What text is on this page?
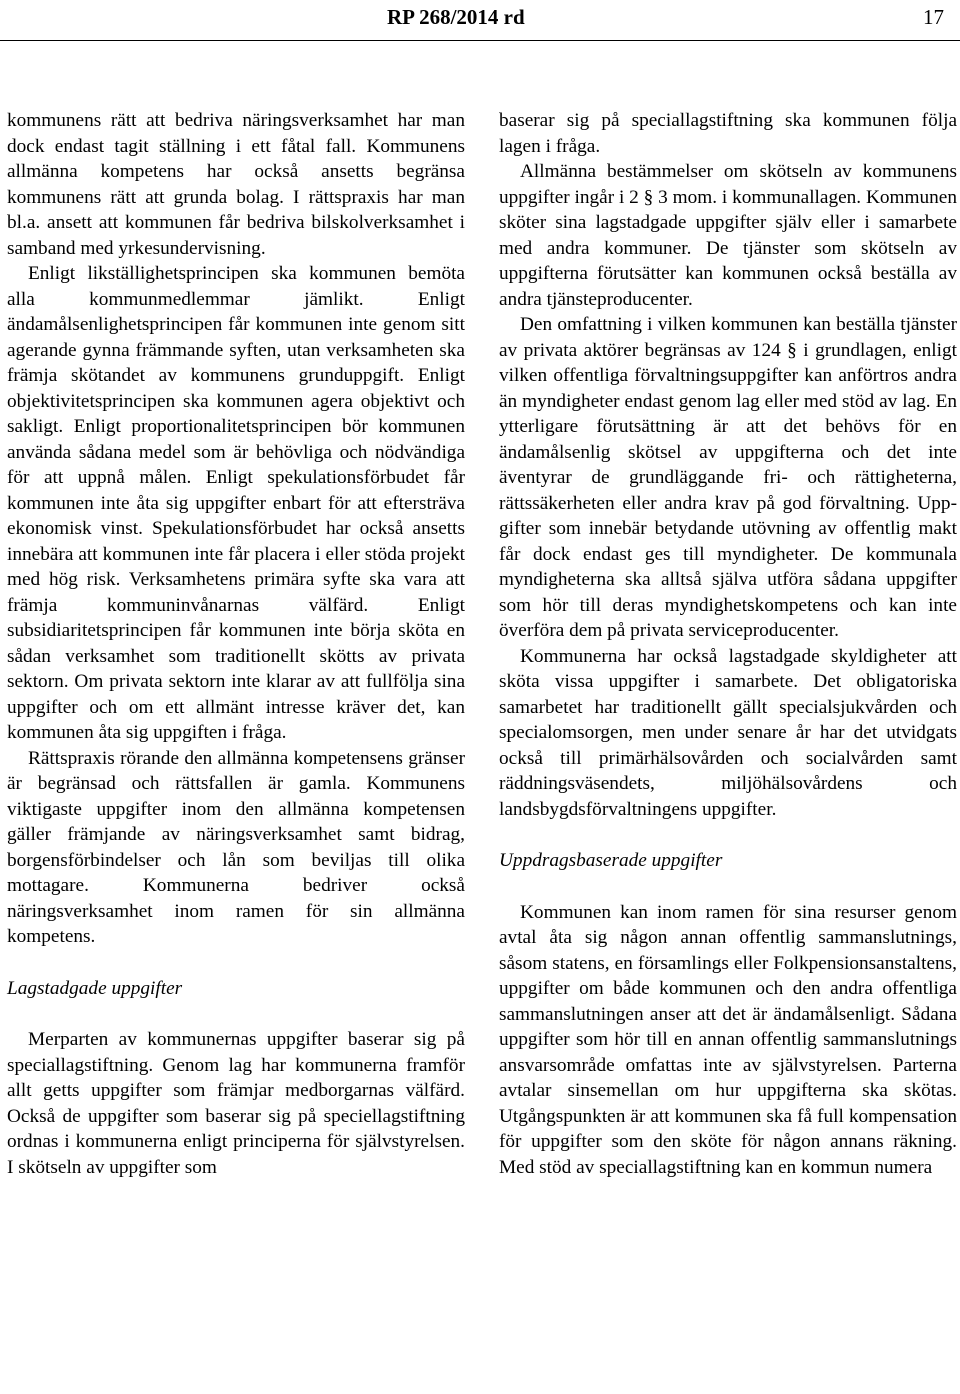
RP 268/2014 rd	17

kommunens rätt att bedriva näringsverksamhet har man dock endast tagit ställning i ett fåtal fall. Kommunens allmänna kompetens har också ansetts begränsa kommunens rätt att grunda bolag. I rättspraxis har man bl.a. ansett att kommunen får bedriva bilskolverksamhet i samband med yrkesundervisning.

Enligt likställighetsprincipen ska kommunen bemöta alla kommunmedlemmar jämlikt. Enligt ändamålsenlighetsprincipen får kommunen inte genom sitt agerande gynna främmande syften, utan verksamheten ska främja skötandet av kommunens grunduppgift. Enligt objektivitetsprincipen ska kommunen agera objektivt och sakligt. Enligt proportionalitetsprincipen bör kommunen använda sådana medel som är behövliga och nödvändiga för att uppnå målen. Enligt spekulationsförbudet får kommunen inte åta sig uppgifter enbart för att eftersträva ekonomisk vinst. Spekulationsförbudet har också ansetts innebära att kommunen inte får placera i eller stöda projekt med hög risk. Verksamhetens primära syfte ska vara att främja kommuninvånarnas välfärd. Enligt subsidiaritetsprincipen får kommunen inte börja sköta en sådan verksamhet som traditionellt skötts av privata sektorn. Om privata sektorn inte klarar av att fullfölja sina uppgifter och om ett allmänt intresse kräver det, kan kommunen åta sig uppgiften i fråga.

Rättspraxis rörande den allmänna kompetensens gränser är begränsad och rättsfallen är gamla. Kommunens viktigaste uppgifter inom den allmänna kompetensen gäller främjande av näringsverksamhet samt bidrag, borgensförbindelser och lån som beviljas till olika mottagare. Kommunerna bedriver också näringsverksamhet inom ramen för sin allmänna kompetens.

Lagstadgade uppgifter

Merparten av kommunernas uppgifter baserar sig på speciallagstiftning. Genom lag har kommunerna framför allt getts uppgifter som främjar medborgarnas välfärd. Också de uppgifter som baserar sig på speciellagstiftning ordnas i kommunerna enligt principerna för självstyrelsen. I skötseln av uppgifter som

baserar sig på speciallagstiftning ska kommunen följa lagen i fråga.

Allmänna bestämmelser om skötseln av kommunens uppgifter ingår i 2 § 3 mom. i kommunallagen. Kommunen sköter sina lagstadgade uppgifter själv eller i samarbete med andra kommuner. De tjänster som skötseln av uppgifterna förutsätter kan kommunen också beställa av andra tjänsteproducenter.

Den omfattning i vilken kommunen kan beställa tjänster av privata aktörer begränsas av 124 § i grundlagen, enligt vilken offentliga förvaltningsuppgifter kan anförtros andra än myndigheter endast genom lag eller med stöd av lag. En ytterligare förutsättning är att det behövs för en ändamålsenlig skötsel av uppgifterna och det inte äventyrar de grundläggande fri- och rättigheterna, rättssäkerheten eller andra krav på god förvaltning. Uppgifter som innebär betydande utövning av offentlig makt får dock endast ges till myndigheter. De kommunala myndigheterna ska alltså själva utföra sådana uppgifter som hör till deras myndighetskompetens och kan inte överföra dem på privata serviceproducenter.

Kommunerna har också lagstadgade skyldigheter att sköta vissa uppgifter i samarbete. Det obligatoriska samarbetet har traditionellt gällt specialsjukvården och specialomsorgen, men under senare år har det utvidgats också till primärhälsovården och socialvården samt räddningsväsendets, miljöhälsovårdens och landsbygdsförvaltningens uppgifter.

Uppdragsbaserade uppgifter

Kommunen kan inom ramen för sina resurser genom avtal åta sig någon annan offentlig sammanslutnings, såsom statens, en församlings eller Folkpensionsanstaltens, uppgifter om både kommunen och den andra offentliga sammanslutningen anser att det är ändamålsenligt. Sådana uppgifter som hör till en annan offentlig sammanslutnings ansvarsområde omfattas inte av självstyrelsen. Parterna avtalar sinsemellan om hur uppgifterna ska skötas. Utgångspunkten är att kommunen ska få full kompensation för uppgifter som den sköte för någon annans räkning. Med stöd av speciallagstiftning kan en kommun numera
